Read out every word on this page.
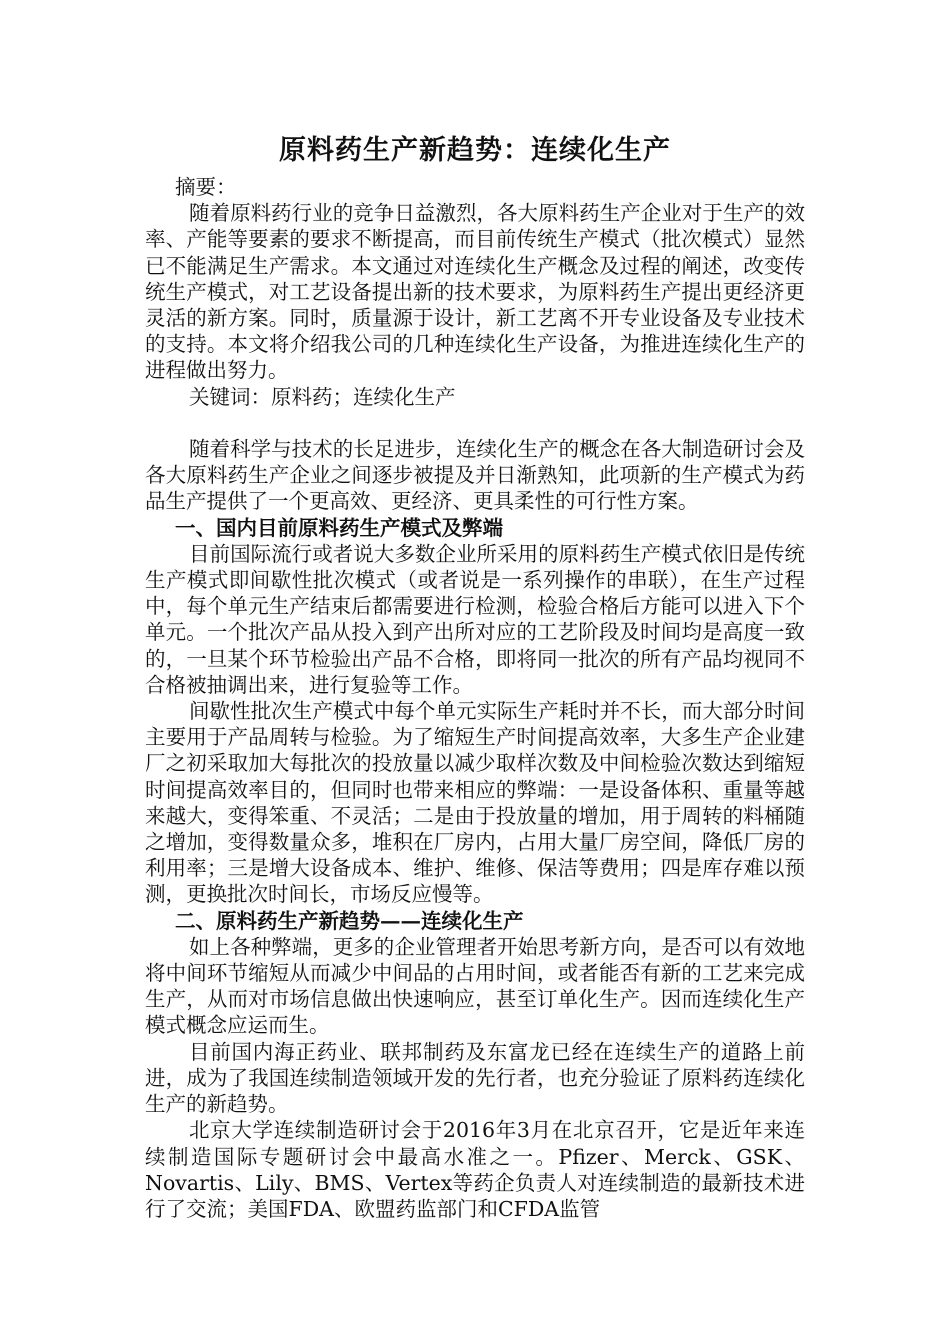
原料药生产新趋势：连续化生产

摘要：

随着原料药行业的竞争日益激烈，各大原料药生产企业对于生产的效率、产能等要素的要求不断提高，而目前传统生产模式（批次模式）显然已不能满足生产需求。本文通过对连续化生产概念及过程的阐述，改变传统生产模式，对工艺设备提出新的技术要求，为原料药生产提出更经济更灵活的新方案。同时，质量源于设计，新工艺离不开专业设备及专业技术的支持。本文将介绍我公司的几种连续化生产设备，为推进连续化生产的进程做出努力。

关键词：原料药；连续化生产

随着科学与技术的长足进步，连续化生产的概念在各大制造研讨会及各大原料药生产企业之间逐步被提及并日渐熟知，此项新的生产模式为药品生产提供了一个更高效、更经济、更具柔性的可行性方案。

一、国内目前原料药生产模式及弊端

目前国际流行或者说大多数企业所采用的原料药生产模式依旧是传统生产模式即间歇性批次模式（或者说是一系列操作的串联），在生产过程中，每个单元生产结束后都需要进行检测，检验合格后方能可以进入下个单元。一个批次产品从投入到产出所对应的工艺阶段及时间均是高度一致的，一旦某个环节检验出产品不合格，即将同一批次的所有产品均视同不合格被抽调出来，进行复验等工作。

间歇性批次生产模式中每个单元实际生产耗时并不长，而大部分时间主要用于产品周转与检验。为了缩短生产时间提高效率，大多生产企业建厂之初采取加大每批次的投放量以减少取样次数及中间检验次数达到缩短时间提高效率目的，但同时也带来相应的弊端：一是设备体积、重量等越来越大，变得笨重、不灵活；二是由于投放量的增加，用于周转的料桶随之增加，变得数量众多，堆积在厂房内，占用大量厂房空间，降低厂房的利用率；三是增大设备成本、维护、维修、保洁等费用；四是库存难以预测，更换批次时间长，市场反应慢等。

二、原料药生产新趋势——连续化生产

如上各种弊端，更多的企业管理者开始思考新方向，是否可以有效地将中间环节缩短从而减少中间品的占用时间，或者能否有新的工艺来完成生产，从而对市场信息做出快速响应，甚至订单化生产。因而连续化生产模式概念应运而生。

目前国内海正药业、联邦制药及东富龙已经在连续生产的道路上前进，成为了我国连续制造领域开发的先行者，也充分验证了原料药连续化生产的新趋势。

北京大学连续制造研讨会于2016年3月在北京召开，它是近年来连续制造国际专题研讨会中最高水准之一。Pfizer、Merck、GSK、Novartis、Lily、BMS、Vertex等药企负责人对连续制造的最新技术进行了交流；美国FDA、欧盟药监部门和CFDA监管
